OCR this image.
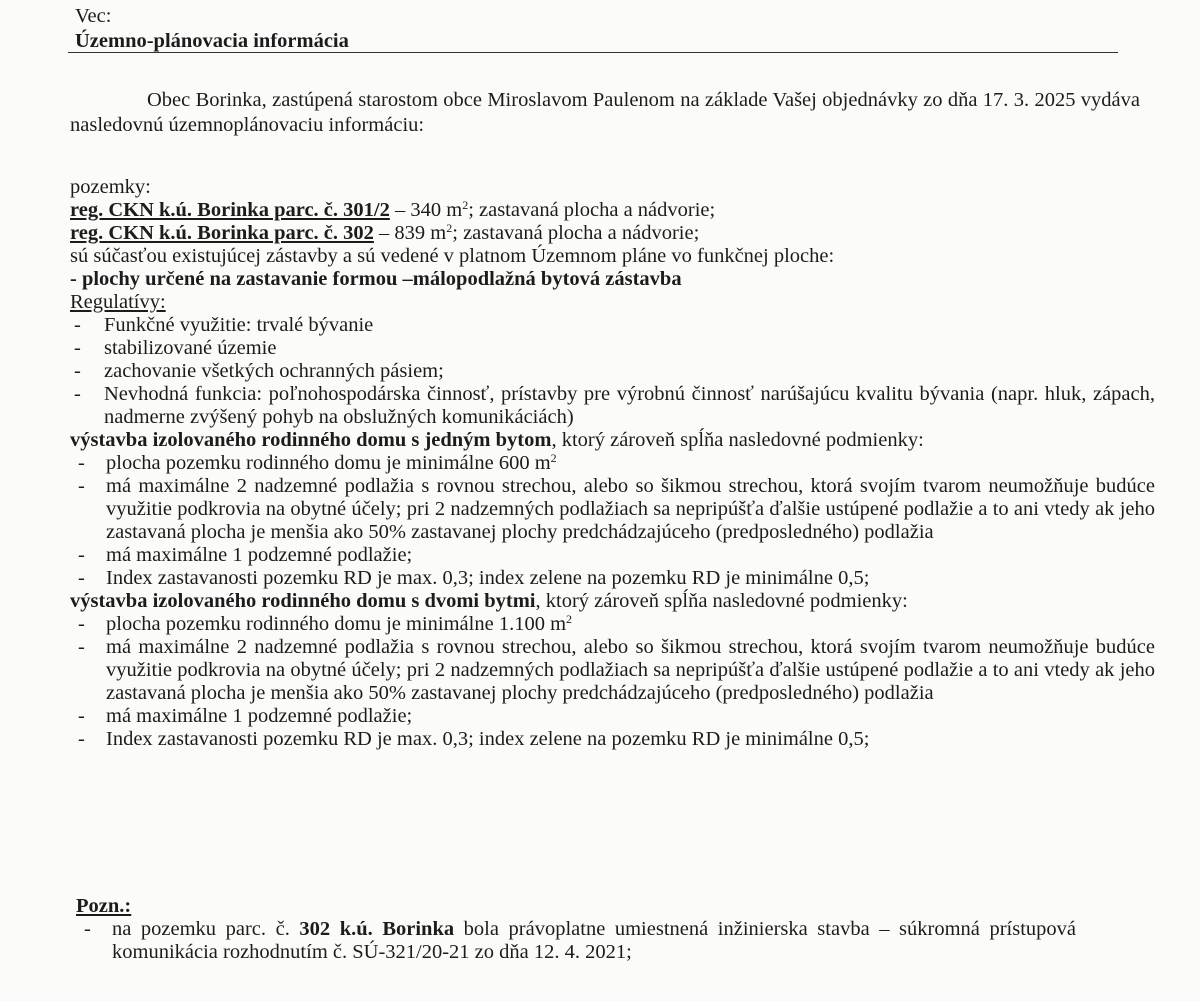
Vec:
Územno-plánovacia informácia
Obec Borinka, zastúpená starostom obce Miroslavom Paulenom na základe Vašej objednávky zo dňa 17. 3. 2025 vydáva nasledovnú územnoplánovaciu informáciu:
pozemky:
reg. CKN k.ú. Borinka parc. č. 301/2 – 340 $m^2$; zastavaná plocha a nádvorie;
reg. CKN k.ú. Borinka parc. č. 302 – 839 $m^2$; zastavaná plocha a nádvorie;
sú súčasťou existujúcej zástavby a sú vedené v platnom Územnom pláne vo funkčnej ploche:
- plochy určené na zastavanie formou –málopodlažná bytová zástavba
Regulatívy:
- Funkčné využitie: trvalé bývanie
- stabilizované územie
- zachovanie všetkých ochranných pásiem;
- Nevhodná funkcia: poľnohospodárska činnosť, prístavby pre výrobnú činnosť narúšajúcu kvalitu bývania (napr. hluk, zápach, nadmerne zvýšený pohyb na obslužných komunikáciách)
výstavba izolovaného rodinného domu s jedným bytom, ktorý zároveň spĺňa nasledovné podmienky:
- plocha pozemku rodinného domu je minimálne 600 $m^2$
- má maximálne 2 nadzemné podlažia s rovnou strechou, alebo so šikmou strechou, ktorá svojím tvarom neumožňuje budúce využitie podkrovia na obytné účely; pri 2 nadzemných podlažiach sa nepripúšťa ďalšie ustúpené podlažie a to ani vtedy ak jeho zastavaná plocha je menšia ako 50% zastavanej plochy predchádzajúceho (predposledného) podlažia
- má maximálne 1 podzemné podlažie;
- Index zastavanosti pozemku RD je max. 0,3; index zelene na pozemku RD je minimálne 0,5;
výstavba izolovaného rodinného domu s dvomi bytmi, ktorý zároveň spĺňa nasledovné podmienky:
- plocha pozemku rodinného domu je minimálne 1.100 $m^2$
- má maximálne 2 nadzemné podlažia s rovnou strechou, alebo so šikmou strechou, ktorá svojím tvarom neumožňuje budúce využitie podkrovia na obytné účely; pri 2 nadzemných podlažiach sa nepripúšťa ďalšie ustúpené podlažie a to ani vtedy ak jeho zastavaná plocha je menšia ako 50% zastavanej plochy predchádzajúceho (predposledného) podlažia
- má maximálne 1 podzemné podlažie;
- Index zastavanosti pozemku RD je max. 0,3; index zelene na pozemku RD je minimálne 0,5;
Pozn.:
- na pozemku parc. č. 302 k.ú. Borinka bola právoplatne umiestnená inžinierska stavba – súkromná prístupová komunikácia rozhodnutím č. SÚ-321/20-21 zo dňa 12. 4. 2021;
